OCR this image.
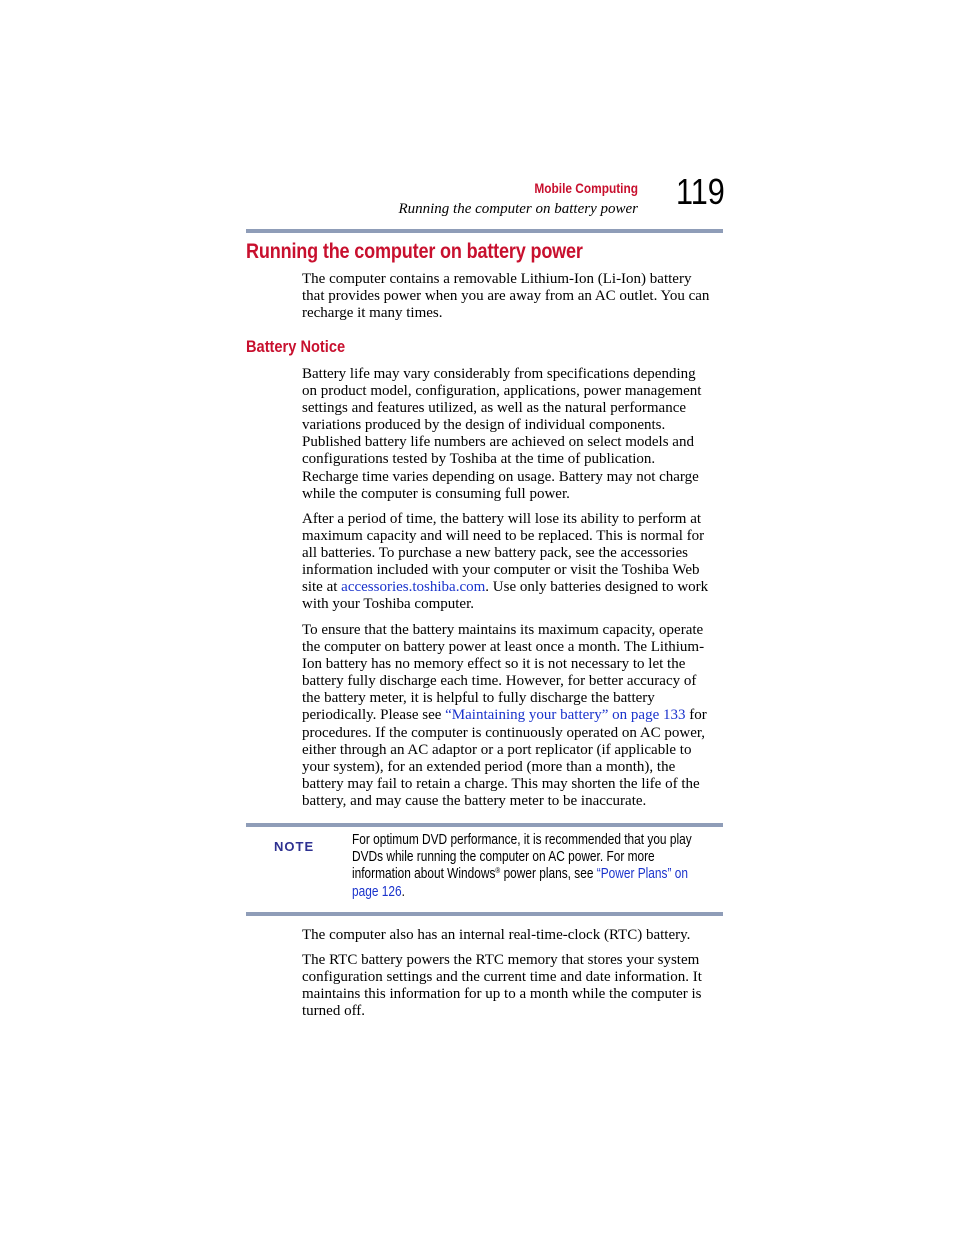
Mobile Computing
Running the computer on battery power 119
Running the computer on battery power

The computer contains a removable Lithium-Ion (Li-Ion) battery
that provides power when you are away from an AC outlet. You can
recharge it many times.

Battery Notice

Battery life may vary considerably from specifications depending
on product model, configuration, applications, power management
settings and features utilized, as well as the natural performance
variations produced by the design of individual components.
Published battery life numbers are achieved on select models and
configurations tested by Toshiba at the time of publication.
Recharge time varies depending on usage. Battery may not charge
while the computer is consuming full power.

After a period of time, the battery will lose its ability to perform at
maximum capacity and will need to be replaced. This is normal for
all batteries. To purchase a new battery pack, see the accessories
information included with your computer or visit the Toshiba Web
site at accessories.toshiba.com. Use only batteries designed to work
with your Toshiba computer.

To ensure that the battery maintains its maximum capacity, operate
the computer on battery power at least once a month. The Lithium-
Ion battery has no memory effect so it is not necessary to let the
battery fully discharge each time. However, for better accuracy of
the battery meter, it is helpful to fully discharge the battery
periodically. Please see “Maintaining your battery” on page 133 for
procedures. If the computer is continuously operated on AC power,
either through an AC adaptor or a port replicator (if applicable to
your system), for an extended period (more than a month), the
battery may fail to retain a charge. This may shorten the life of the
battery, and may cause the battery meter to be inaccurate.

NOTE	For optimum DVD performance, it is recommended that you play
DVDs while running the computer on AC power. For more
information about Windows® power plans, see “Power Plans” on
page 126.

The computer also has an internal real-time-clock (RTC) battery.

The RTC battery powers the RTC memory that stores your system
configuration settings and the current time and date information. It
maintains this information for up to a month while the computer is
turned off.
